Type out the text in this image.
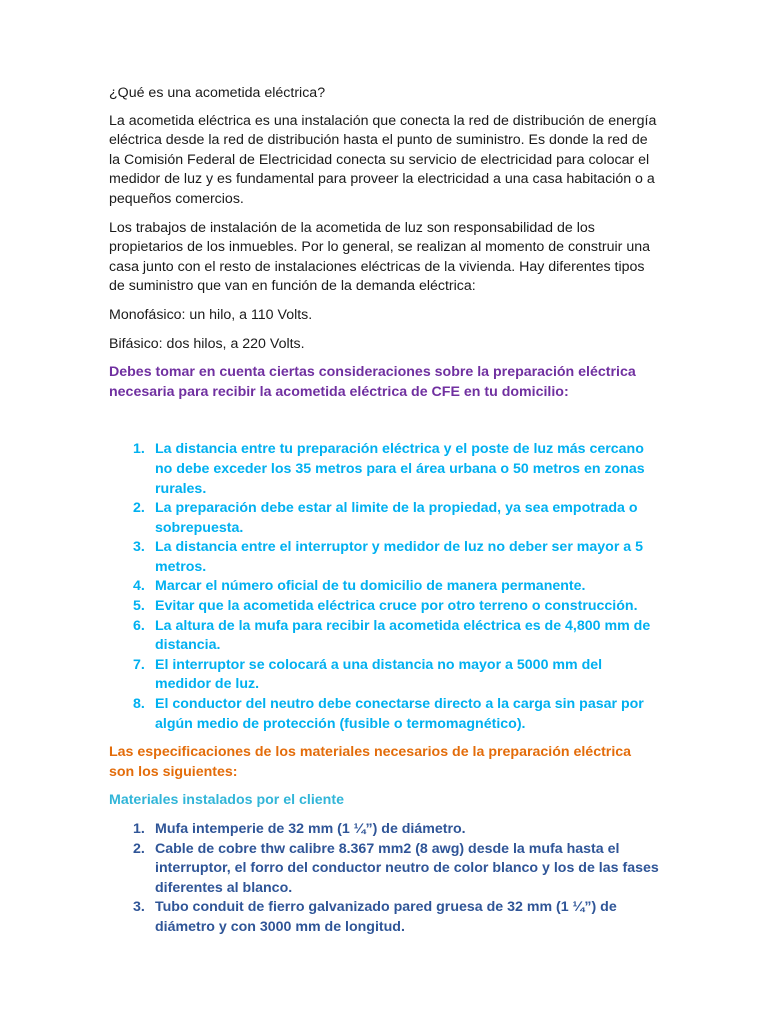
¿Qué es una acometida eléctrica?

La acometida eléctrica es una instalación que conecta la red de distribución de energía eléctrica desde la red de distribución hasta el punto de suministro. Es donde la red de la Comisión Federal de Electricidad conecta su servicio de electricidad para colocar el medidor de luz y es fundamental para proveer la electricidad a una casa habitación o a pequeños comercios.

Los trabajos de instalación de la acometida de luz son responsabilidad de los propietarios de los inmuebles. Por lo general, se realizan al momento de construir una casa junto con el resto de instalaciones eléctricas de la vivienda. Hay diferentes tipos de suministro que van en función de la demanda eléctrica:

Monofásico: un hilo, a 110 Volts.

Bifásico: dos hilos, a 220 Volts.

Debes tomar en cuenta ciertas consideraciones sobre la preparación eléctrica necesaria para recibir la acometida eléctrica de CFE en tu domicilio:

1. La distancia entre tu preparación eléctrica y el poste de luz más cercano no debe exceder los 35 metros para el área urbana o 50 metros en zonas rurales.
2. La preparación debe estar al limite de la propiedad, ya sea empotrada o sobrepuesta.
3. La distancia entre el interruptor y medidor de luz no deber ser mayor a 5 metros.
4. Marcar el número oficial de tu domicilio de manera permanente.
5. Evitar que la acometida eléctrica cruce por otro terreno o construcción.
6. La altura de la mufa para recibir la acometida eléctrica es de 4,800 mm de distancia.
7. El interruptor se colocará a una distancia no mayor a 5000 mm del medidor de luz.
8. El conductor del neutro debe conectarse directo a la carga sin pasar por algún medio de protección (fusible o termomagnético).

Las especificaciones de los materiales necesarios de la preparación eléctrica son los siguientes:

Materiales instalados por el cliente

1. Mufa intemperie de 32 mm (1 ¼”) de diámetro.
2. Cable de cobre thw calibre 8.367 mm2 (8 awg) desde la mufa hasta el interruptor, el forro del conductor neutro de color blanco y los de las fases diferentes al blanco.
3. Tubo conduit de fierro galvanizado pared gruesa de 32 mm (1 ¼”) de diámetro y con 3000 mm de longitud.
